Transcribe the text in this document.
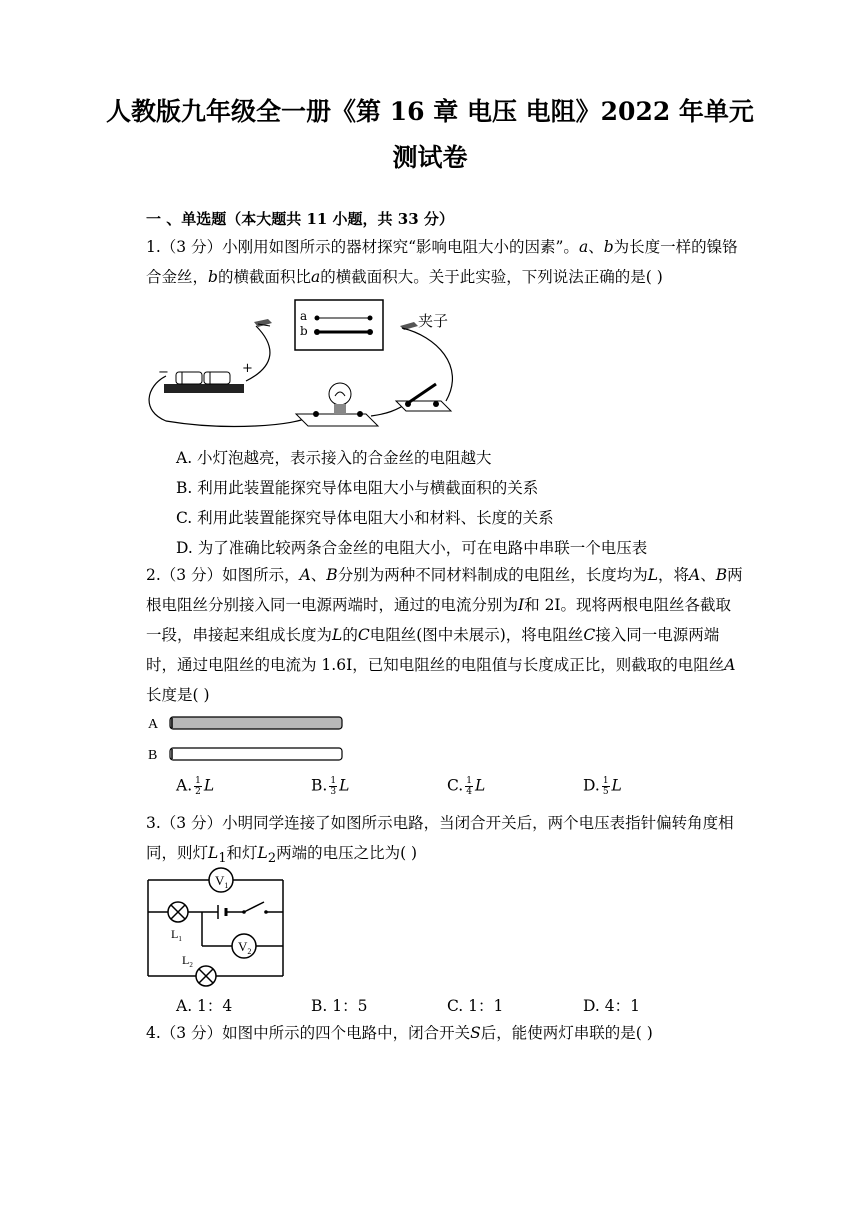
人教版九年级全一册《第 16 章 电压 电阻》2022 年单元
测试卷
一 、单选题（本大题共 11 小题，共 33 分）
1.（3 分）小刚用如图所示的器材探究“影响电阻大小的因素”。a、b为长度一样的镍铬
合金丝，b的横截面积比a的横截面积大。关于此实验，下列说法正确的是( )
a
b
夹子
−	+
A. 小灯泡越亮，表示接入的合金丝的电阻越大
B. 利用此装置能探究导体电阻大小与横截面积的关系
C. 利用此装置能探究导体电阻大小和材料、长度的关系
D. 为了准确比较两条合金丝的电阻大小，可在电路中串联一个电压表
2.（3 分）如图所示，A、B分别为两种不同材料制成的电阻丝，长度均为L，将A、B两
根电阻丝分别接入同一电源两端时，通过的电流分别为I和 2I。现将两根电阻丝各截取
一段，串接起来组成长度为L的C电阻丝(图中未展示)，将电阻丝C接入同一电源两端
时，通过电阻丝的电流为 1.6I，已知电阻丝的电阻值与长度成正比，则截取的电阻丝A
长度是( )
A
B
A. $\frac{1}{2}$ L	B. $\frac{1}{3}$ L	C. $\frac{1}{4}$ L	D. $\frac{1}{5}$ L
3.（3 分）小明同学连接了如图所示电路，当闭合开关后，两个电压表指针偏转角度相
同，则灯$L_1$和灯$L_2$两端的电压之比为( )
$V_1$
$V_2$
$L_1$
$L_2$
A. 1：4	B. 1：5	C. 1：1	D. 4：1
4.（3 分）如图中所示的四个电路中，闭合开关S后，能使两灯串联的是( )
